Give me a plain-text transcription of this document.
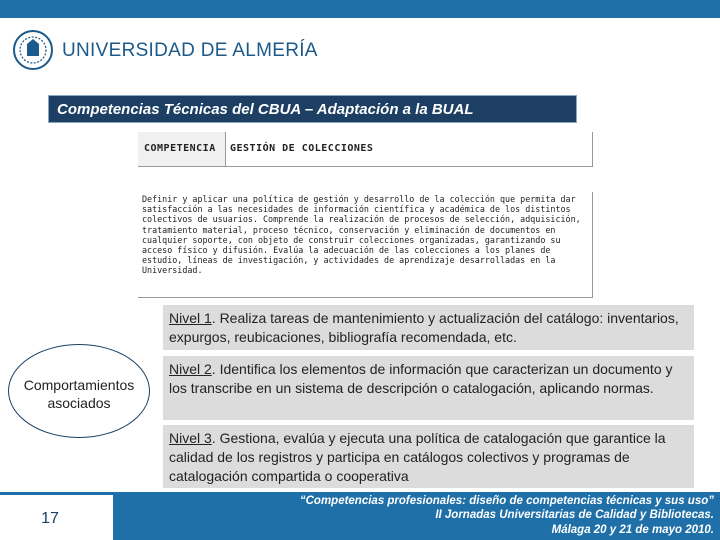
UNIVERSIDAD DE ALMERÍA
Competencias Técnicas del CBUA – Adaptación a la BUAL
COMPETENCIA GESTIÓN DE COLECCIONES

Definir y aplicar una política de gestión y desarrollo de la colección que permita dar satisfacción a las necesidades de información científica y académica de los distintos colectivos de usuarios. Comprende la realización de procesos de selección, adquisición, tratamiento material, proceso técnico, conservación y eliminación de documentos en cualquier soporte, con objeto de construir colecciones organizadas, garantizando su acceso físico y difusión. Evalúa la adecuación de las colecciones a los planes de estudio, líneas de investigación, y actividades de aprendizaje desarrolladas en la Universidad.

Nivel 1. Realiza tareas de mantenimiento y actualización del catálogo: inventarios, expurgos, reubicaciones, bibliografía recomendada, etc.
Nivel 2. Identifica los elementos de información que caracterizan un documento y los transcribe en un sistema de descripción o catalogación, aplicando normas.
Nivel 3. Gestiona, evalúa y ejecuta una política de catalogación que garantice la calidad de los registros y participa en catálogos colectivos y programas de catalogación compartida o cooperativa
Comportamientos
asociados
17
“Competencias profesionales: diseño de competencias técnicas y sus uso”
II Jornadas Universitarias de Calidad y Bibliotecas.
Málaga 20 y 21 de mayo 2010.
